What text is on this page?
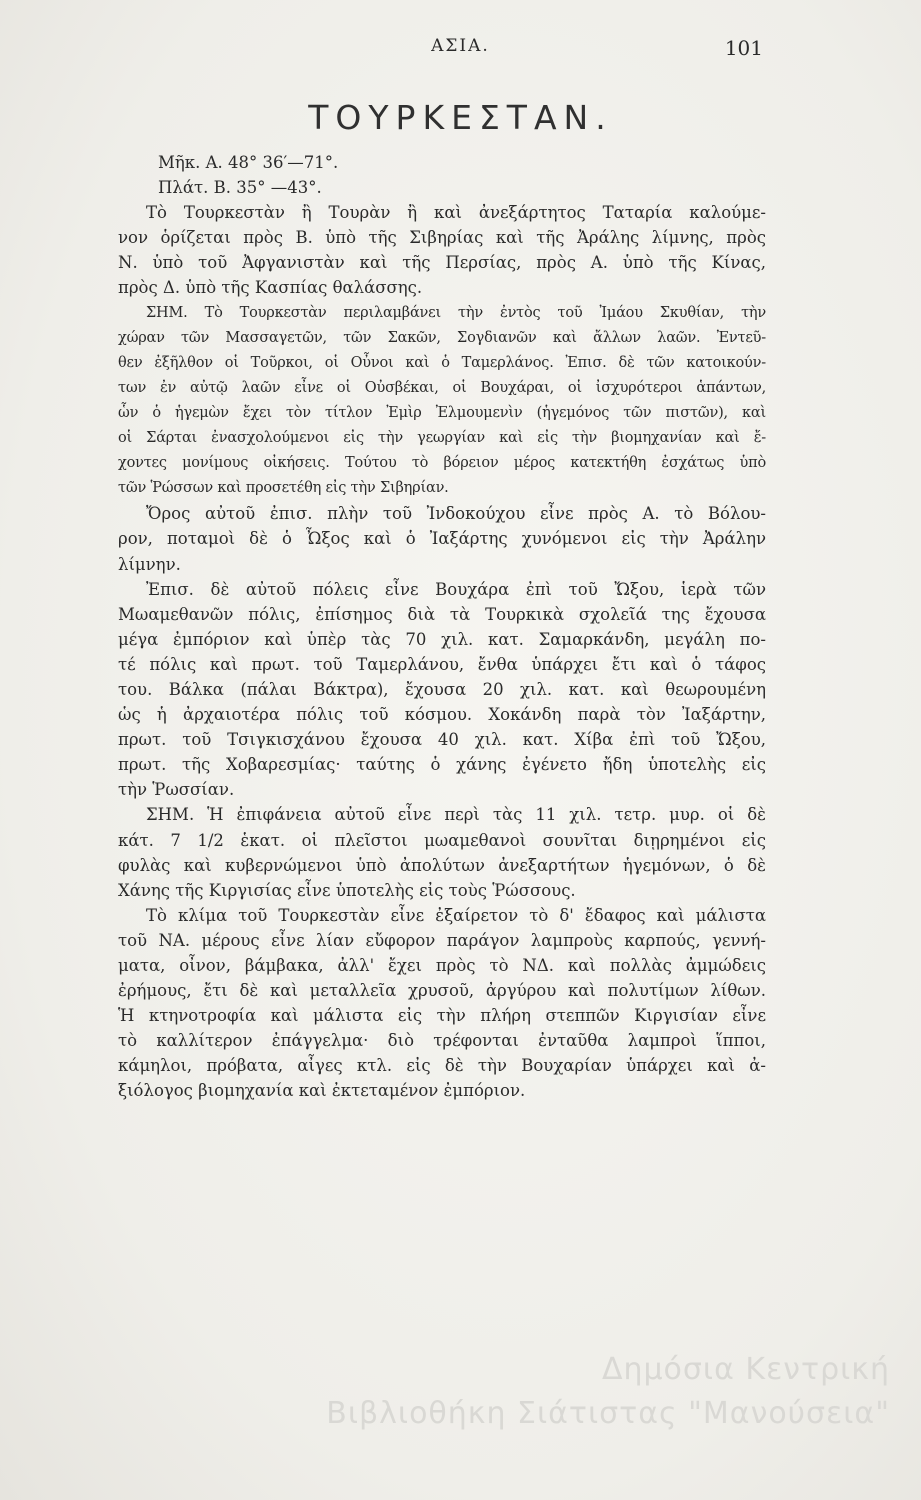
ΑΣΙΑ.	101
ΤΟΥΡΚΕΣΤΑΝ.
Μῆκ. Α. 48° 36′—71°.
Πλάτ. Β. 35° —43°.
Τὸ Τουρκεστὰν ἢ Τουρὰν ἢ καὶ ἀνεξάρτητος Ταταρία καλούμε-
νον ὁρίζεται πρὸς Β. ὑπὸ τῆς Σιβηρίας καὶ τῆς Ἀράλης λίμνης, πρὸς
Ν. ὑπὸ τοῦ Ἀφγανιστὰν καὶ τῆς Περσίας, πρὸς Α. ὑπὸ τῆς Κίνας,
πρὸς Δ. ὑπὸ τῆς Κασπίας θαλάσσης.
ΣΗΜ. Τὸ Τουρκεστὰν περιλαμβάνει τὴν ἐντὸς τοῦ Ἰμάου Σκυθίαν, τὴν
χώραν τῶν Μασσαγετῶν, τῶν Σακῶν, Σογδιανῶν καὶ ἄλλων λαῶν. Ἐντεῦ-
θεν ἐξῆλθον οἱ Τοῦρκοι, οἱ Οὖνοι καὶ ὁ Ταμερλάνος. Ἐπισ. δὲ τῶν κατοικούν-
των ἐν αὐτῷ λαῶν εἶνε οἱ Οὐσβέκαι, οἱ Βουχάραι, οἱ ἰσχυρότεροι ἁπάντων,
ὧν ὁ ἡγεμὼν ἔχει τὸν τίτλον Ἐμὶρ Ἐλμουμενὶν (ἡγεμόνος τῶν πιστῶν), καὶ
οἱ Σάρται ἐνασχολούμενοι εἰς τὴν γεωργίαν καὶ εἰς τὴν βιομηχανίαν καὶ ἔ-
χοντες μονίμους οἰκήσεις. Τούτου τὸ βόρειον μέρος κατεκτήθη ἐσχάτως ὑπὸ
τῶν Ῥώσσων καὶ προσετέθη εἰς τὴν Σιβηρίαν.
Ὄρος αὐτοῦ ἐπισ. πλὴν τοῦ Ἰνδοκούχου εἶνε πρὸς Α. τὸ Βόλου-
ρον, ποταμοὶ δὲ ὁ Ὦξος καὶ ὁ Ἰαξάρτης χυνόμενοι εἰς τὴν Ἀράλην
λίμνην.
Ἐπισ. δὲ αὐτοῦ πόλεις εἶνε Βουχάρα ἐπὶ τοῦ Ὤξου, ἱερὰ τῶν
Μωαμεθανῶν πόλις, ἐπίσημος διὰ τὰ Τουρκικὰ σχολεῖά της ἔχουσα
μέγα ἐμπόριον καὶ ὑπὲρ τὰς 70 χιλ. κατ. Σαμαρκάνδη, μεγάλη πο-
τέ πόλις καὶ πρωτ. τοῦ Ταμερλάνου, ἔνθα ὑπάρχει ἔτι καὶ ὁ τάφος
του. Βάλκα (πάλαι Βάκτρα), ἔχουσα 20 χιλ. κατ. καὶ θεωρουμένη
ὡς ἡ ἀρχαιοτέρα πόλις τοῦ κόσμου. Χοκάνδη παρὰ τὸν Ἰαξάρτην,
πρωτ. τοῦ Τσιγκισχάνου ἔχουσα 40 χιλ. κατ. Χίβα ἐπὶ τοῦ Ὤξου,
πρωτ. τῆς Χοβαρεσμίας· ταύτης ὁ χάνης ἐγένετο ἤδη ὑποτελὴς εἰς
τὴν Ῥωσσίαν.
ΣΗΜ. Ἡ ἐπιφάνεια αὐτοῦ εἶνε περὶ τὰς 11 χιλ. τετρ. μυρ. οἱ δὲ
κάτ. 7 1/2 ἑκατ. οἱ πλεῖστοι μωαμεθανοὶ σουνῖται διῃρημένοι εἰς
φυλὰς καὶ κυβερνώμενοι ὑπὸ ἀπολύτων ἀνεξαρτήτων ἡγεμόνων, ὁ δὲ
Χάνης τῆς Κιργισίας εἶνε ὑποτελὴς εἰς τοὺς Ῥώσσους.
Τὸ κλίμα τοῦ Τουρκεστὰν εἶνε ἐξαίρετον τὸ δ' ἔδαφος καὶ μάλιστα
τοῦ ΝΑ. μέρους εἶνε λίαν εὔφορον παράγον λαμπροὺς καρπούς, γεννή-
ματα, οἶνον, βάμβακα, ἀλλ' ἔχει πρὸς τὸ ΝΔ. καὶ πολλὰς ἀμμώδεις
ἐρήμους, ἔτι δὲ καὶ μεταλλεῖα χρυσοῦ, ἀργύρου καὶ πολυτίμων λίθων.
Ἡ κτηνοτροφία καὶ μάλιστα εἰς τὴν πλήρη στεππῶν Κιργισίαν εἶνε
τὸ καλλίτερον ἐπάγγελμα· διὸ τρέφονται ἐνταῦθα λαμπροὶ ἵπποι,
κάμηλοι, πρόβατα, αἶγες κτλ. εἰς δὲ τὴν Βουχαρίαν ὑπάρχει καὶ ἀ-
ξιόλογος βιομηχανία καὶ ἐκτεταμένον ἐμπόριον.
Δημόσια Κεντρική
Βιβλιοθήκη Σιάτιστας "Μανούσεια"
